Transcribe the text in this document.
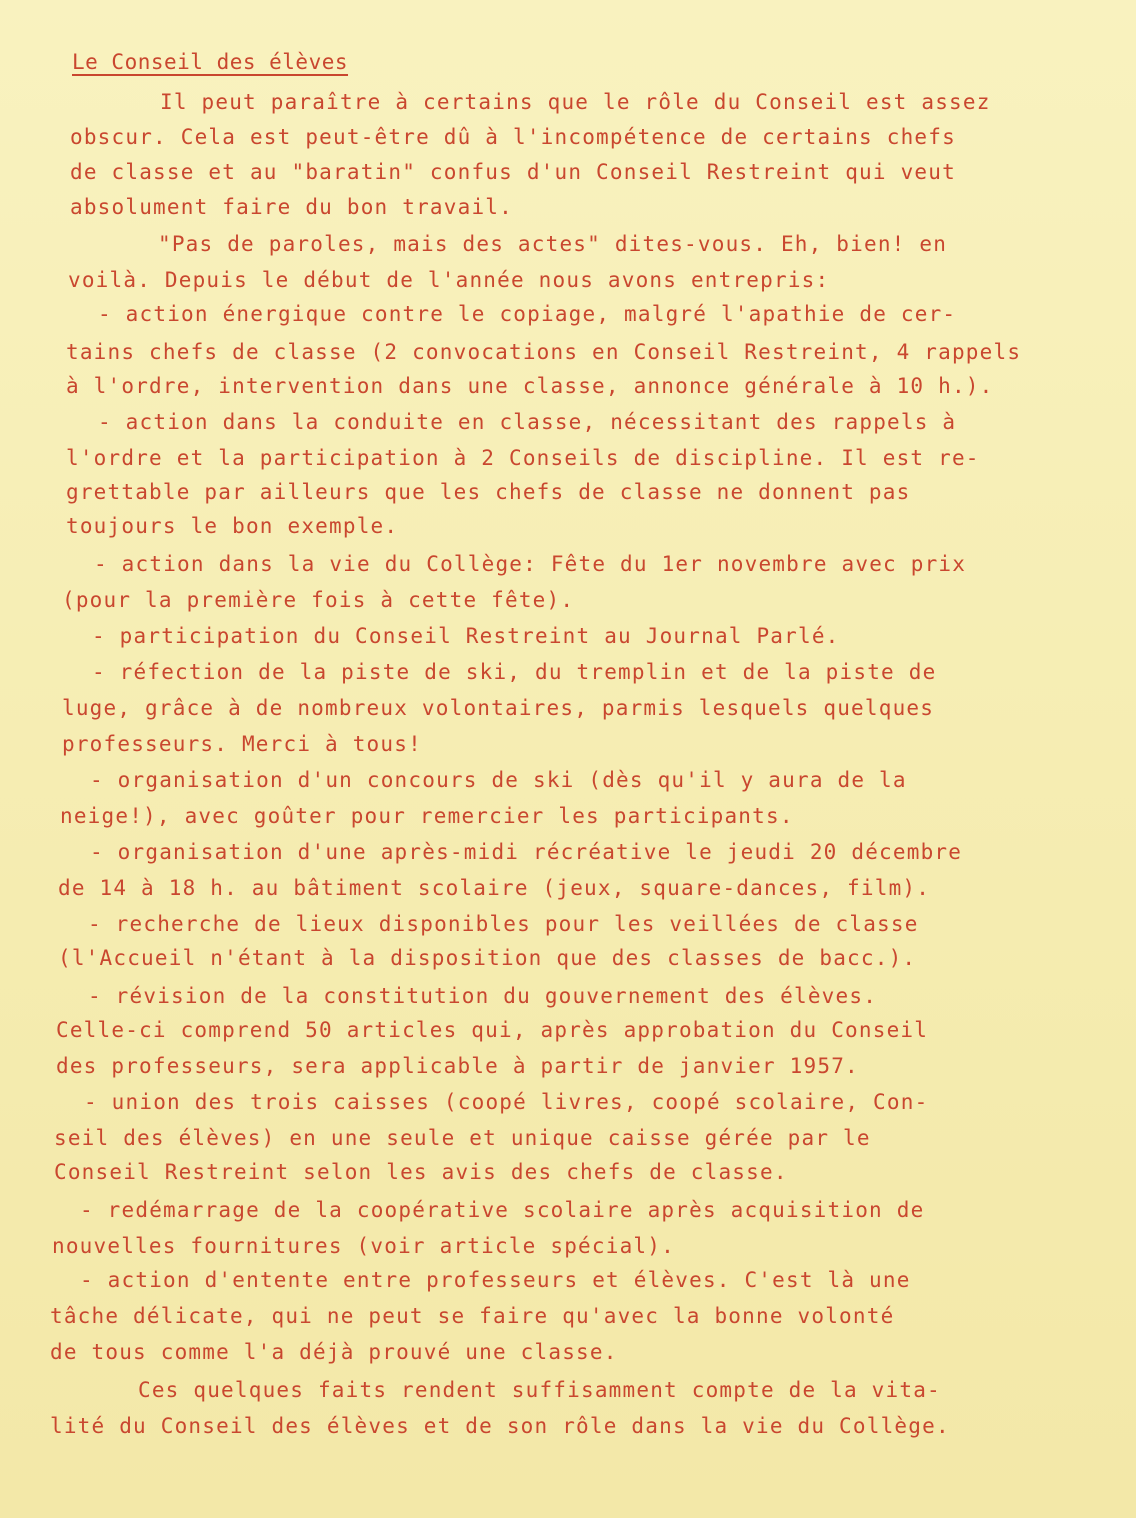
Le Conseil des élèves
Il peut paraître à certains que le rôle du Conseil est assez
obscur. Cela est peut-être dû à l'incompétence de certains chefs
de classe et au "baratin" confus d'un Conseil Restreint qui veut
absolument faire du bon travail.
"Pas de paroles, mais des actes" dites-vous. Eh, bien! en
voilà. Depuis le début de l'année nous avons entrepris:
- action énergique contre le copiage, malgré l'apathie de cer-
tains chefs de classe (2 convocations en Conseil Restreint, 4 rappels
à l'ordre, intervention dans une classe, annonce générale à 10 h.).
- action dans la conduite en classe, nécessitant des rappels à
l'ordre et la participation à 2 Conseils de discipline. Il est re-
grettable par ailleurs que les chefs de classe ne donnent pas
toujours le bon exemple.
- action dans la vie du Collège: Fête du 1er novembre avec prix
(pour la première fois à cette fête).
- participation du Conseil Restreint au Journal Parlé.
- réfection de la piste de ski, du tremplin et de la piste de
luge, grâce à de nombreux volontaires, parmis lesquels quelques
professeurs. Merci à tous!
- organisation d'un concours de ski (dès qu'il y aura de la
neige!), avec goûter pour remercier les participants.
- organisation d'une après-midi récréative le jeudi 20 décembre
de 14 à 18 h. au bâtiment scolaire (jeux, square-dances, film).
- recherche de lieux disponibles pour les veillées de classe
(l'Accueil n'étant à la disposition que des classes de bacc.).
- révision de la constitution du gouvernement des élèves.
Celle-ci comprend 50 articles qui, après approbation du Conseil
des professeurs, sera applicable à partir de janvier 1957.
- union des trois caisses (coopé livres, coopé scolaire, Con-
seil des élèves) en une seule et unique caisse gérée par le
Conseil Restreint selon les avis des chefs de classe.
- redémarrage de la coopérative scolaire après acquisition de
nouvelles fournitures (voir article spécial).
- action d'entente entre professeurs et élèves. C'est là une
tâche délicate, qui ne peut se faire qu'avec la bonne volonté
de tous comme l'a déjà prouvé une classe.
Ces quelques faits rendent suffisamment compte de la vita-
lité du Conseil des élèves et de son rôle dans la vie du Collège.
